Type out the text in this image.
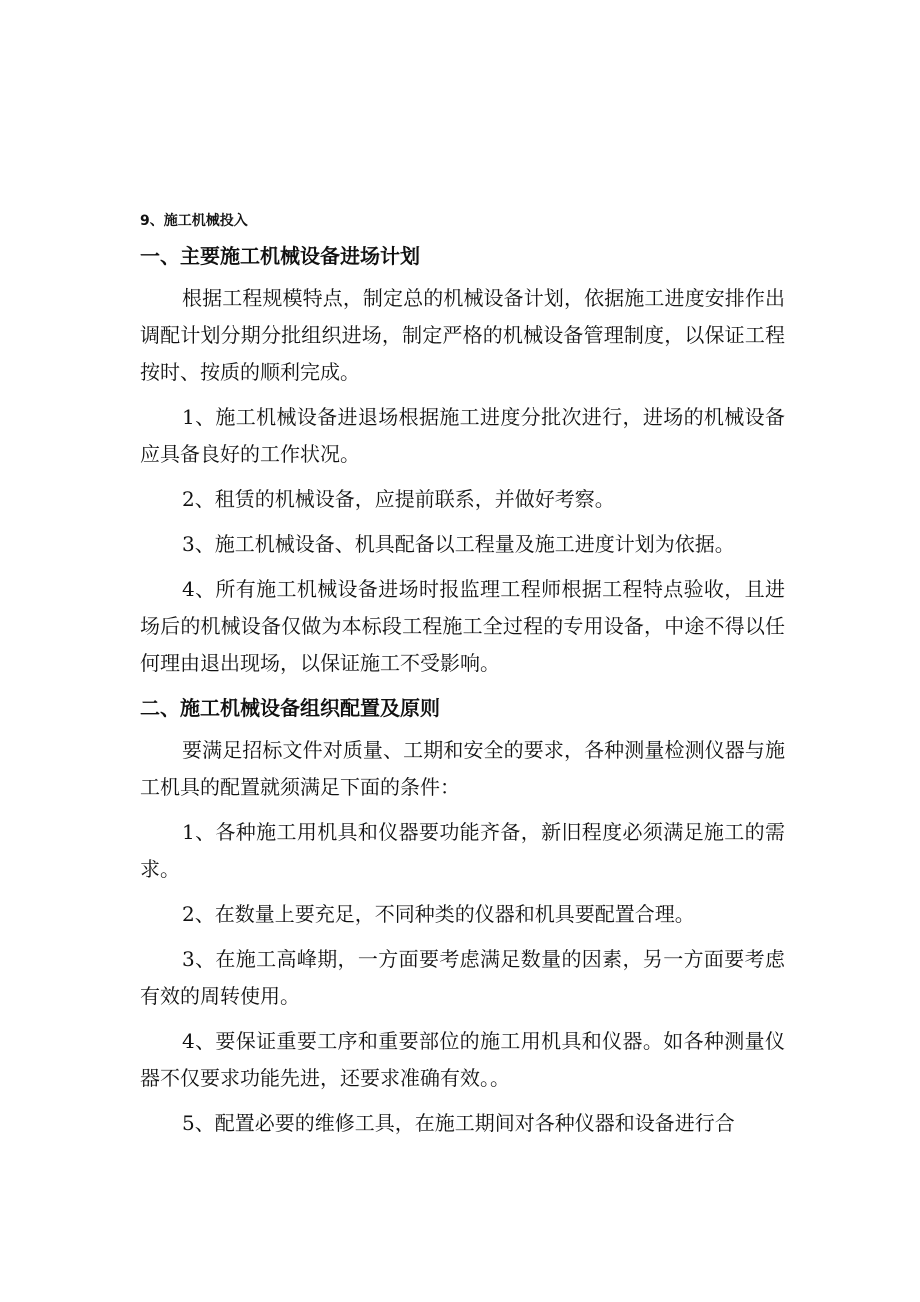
9、施工机械投入
一、主要施工机械设备进场计划

根据工程规模特点，制定总的机械设备计划，依据施工进度安排作出调配计划分期分批组织进场，制定严格的机械设备管理制度，以保证工程按时、按质的顺利完成。

1、施工机械设备进退场根据施工进度分批次进行，进场的机械设备应具备良好的工作状况。

2、租赁的机械设备，应提前联系，并做好考察。

3、施工机械设备、机具配备以工程量及施工进度计划为依据。

4、所有施工机械设备进场时报监理工程师根据工程特点验收，且进场后的机械设备仅做为本标段工程施工全过程的专用设备，中途不得以任何理由退出现场，以保证施工不受影响。

二、施工机械设备组织配置及原则

要满足招标文件对质量、工期和安全的要求，各种测量检测仪器与施工机具的配置就须满足下面的条件：

1、各种施工用机具和仪器要功能齐备，新旧程度必须满足施工的需求。

2、在数量上要充足，不同种类的仪器和机具要配置合理。

3、在施工高峰期，一方面要考虑满足数量的因素，另一方面要考虑有效的周转使用。

4、要保证重要工序和重要部位的施工用机具和仪器。如各种测量仪器不仅要求功能先进，还要求准确有效。。

5、配置必要的维修工具，在施工期间对各种仪器和设备进行合
